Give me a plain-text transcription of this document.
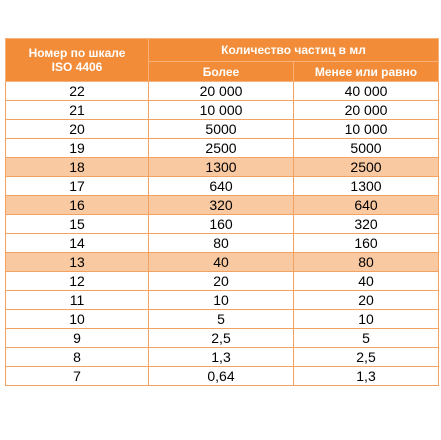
Номер по шкале
ISO 4406	Количество частиц в мл	
	Более	Менее или равно
22	20 000	40 000
21	10 000	20 000
20	5000	10 000
19	2500	5000
18	1300	2500
17	640	1300
16	320	640
15	160	320
14	80	160
13	40	80
12	20	40
11	10	20
10	5	10
9	2,5	5
8	1,3	2,5
7	0,64	1,3
